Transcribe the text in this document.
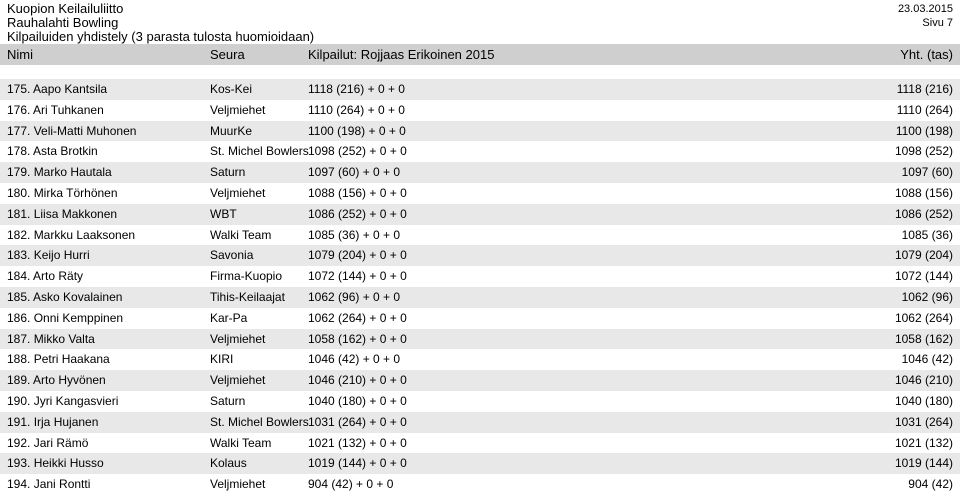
Kuopion Keilailuliitto
Rauhalahti Bowling
Kilpailuiden yhdistely (3 parasta tulosta huomioidaan)
23.03.2015
Sivu 7
Nimi	Seura	Kilpailut: Rojjaas Erikoinen 2015	Yht. (tas)
175. Aapo Kantsila	Kos-Kei	1118 (216) + 0 + 0	1118 (216)
176. Ari Tuhkanen	Veljmiehet	1110 (264) + 0 + 0	1110 (264)
177. Veli-Matti Muhonen	MuurKe	1100 (198) + 0 + 0	1100 (198)
178. Asta Brotkin	St. Michel Bowlers 1098 (252) + 0 + 0	1098 (252)
179. Marko Hautala	Saturn	1097 (60) + 0 + 0	1097 (60)
180. Mirka Törhönen	Veljmiehet	1088 (156) + 0 + 0	1088 (156)
181. Liisa Makkonen	WBT	1086 (252) + 0 + 0	1086 (252)
182. Markku Laaksonen	Walki Team	1085 (36) + 0 + 0	1085 (36)
183. Keijo Hurri	Savonia	1079 (204) + 0 + 0	1079 (204)
184. Arto Räty	Firma-Kuopio	1072 (144) + 0 + 0	1072 (144)
185. Asko Kovalainen	Tihis-Keilaajat	1062 (96) + 0 + 0	1062 (96)
186. Onni Kemppinen	Kar-Pa	1062 (264) + 0 + 0	1062 (264)
187. Mikko Valta	Veljmiehet	1058 (162) + 0 + 0	1058 (162)
188. Petri Haakana	KIRI	1046 (42) + 0 + 0	1046 (42)
189. Arto Hyvönen	Veljmiehet	1046 (210) + 0 + 0	1046 (210)
190. Jyri Kangasvieri	Saturn	1040 (180) + 0 + 0	1040 (180)
191. Irja Hujanen	St. Michel Bowlers 1031 (264) + 0 + 0	1031 (264)
192. Jari Rämö	Walki Team	1021 (132) + 0 + 0	1021 (132)
193. Heikki Husso	Kolaus	1019 (144) + 0 + 0	1019 (144)
194. Jani Rontti	Veljmiehet	904 (42) + 0 + 0	904 (42)
